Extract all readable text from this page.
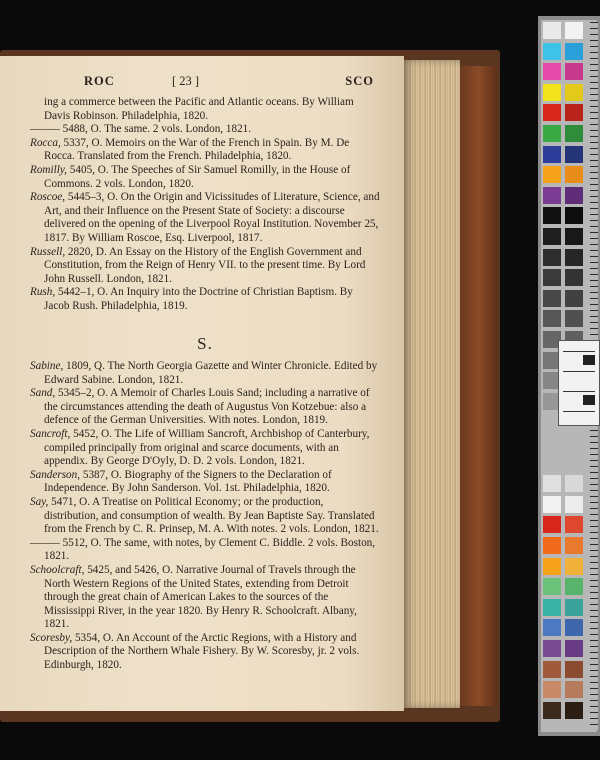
ROC	[ 23 ]	SCO

ing a commerce between the Pacific and Atlantic oceans. By William Davis Robinson. Philadelphia, 1820.

——— 5488, O. The same. 2 vols. London, 1821.

Rocca, 5337, O. Memoirs on the War of the French in Spain. By M. De Rocca. Translated from the French. Philadelphia, 1820.

Romilly, 5405, O. The Speeches of Sir Samuel Romilly, in the House of Commons. 2 vols. London, 1820.

Roscoe, 5445–3, O. On the Origin and Vicissitudes of Literature, Science, and Art, and their Influence on the Present State of Society: a discourse delivered on the opening of the Liverpool Royal Institution. November 25, 1817. By William Roscoe, Esq. Liverpool, 1817.

Russell, 2820, D. An Essay on the History of the English Government and Constitution, from the Reign of Henry VII. to the present time. By Lord John Russell. London, 1821.

Rush, 5442–1, O. An Inquiry into the Doctrine of Christian Baptism. By Jacob Rush. Philadelphia, 1819.

S.

Sabine, 1809, Q. The North Georgia Gazette and Winter Chronicle. Edited by Edward Sabine. London, 1821.

Sand, 5345–2, O. A Memoir of Charles Louis Sand; including a narrative of the circumstances attending the death of Augustus Von Kotzebue: also a defence of the German Universities. With notes. London, 1819.

Sancroft, 5452, O. The Life of William Sancroft, Archbishop of Canterbury, compiled principally from original and scarce documents, with an appendix. By George D'Oyly, D. D. 2 vols. London, 1821.

Sanderson, 5387, O. Biography of the Signers to the Declaration of Independence. By John Sanderson. Vol. 1st. Philadelphia, 1820.

Say, 5471, O. A Treatise on Political Economy; or the production, distribution, and consumption of wealth. By Jean Baptiste Say. Translated from the French by C. R. Prinsep, M. A. With notes. 2 vols. London, 1821.

——— 5512, O. The same, with notes, by Clement C. Biddle. 2 vols. Boston, 1821.

Schoolcraft, 5425, and 5426, O. Narrative Journal of Travels through the North Western Regions of the United States, extending from Detroit through the great chain of American Lakes to the sources of the Mississippi River, in the year 1820. By Henry R. Schoolcraft. Albany, 1821.

Scoresby, 5354, O. An Account of the Arctic Regions, with a History and Description of the Northern Whale Fishery. By W. Scoresby, jr. 2 vols. Edinburgh, 1820.
